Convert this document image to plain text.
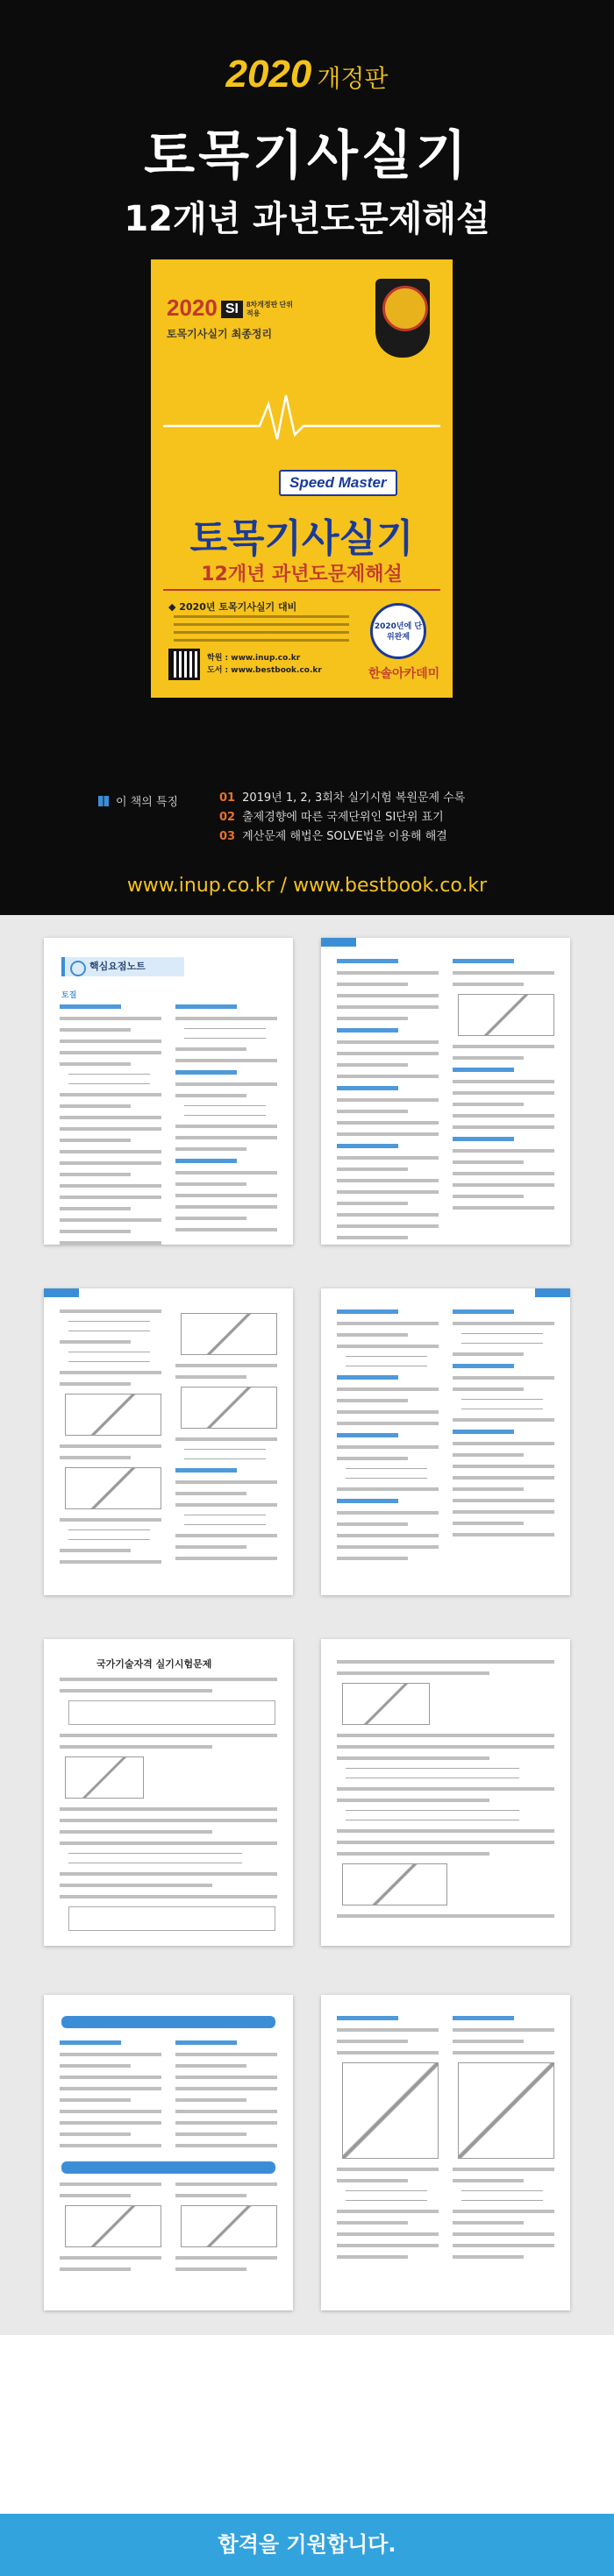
2020 개정판
토목기사실기
12개년 과년도문제해설
2020 SI 8차개정판 단위적용
토목기사실기 최종정리
Speed Master
토목기사실기
12개년 과년도문제해설
◆ 2020년 토목기사실기 대비
2020년에 단위완제
학원 : www.inup.co.kr
도서 : www.bestbook.co.kr	한솔아카데미
이 책의 특징	01 2019년 1, 2, 3회차 실기시험 복원문제 수록
02 출제경향에 따른 국제단위인 SI단위 표기
03 계산문제 해법은 SOLVE법을 이용해 해결
www.inup.co.kr / www.bestbook.co.kr
핵심요점노트
토질
국가기술자격 실기시험문제
합격을 기원합니다.
